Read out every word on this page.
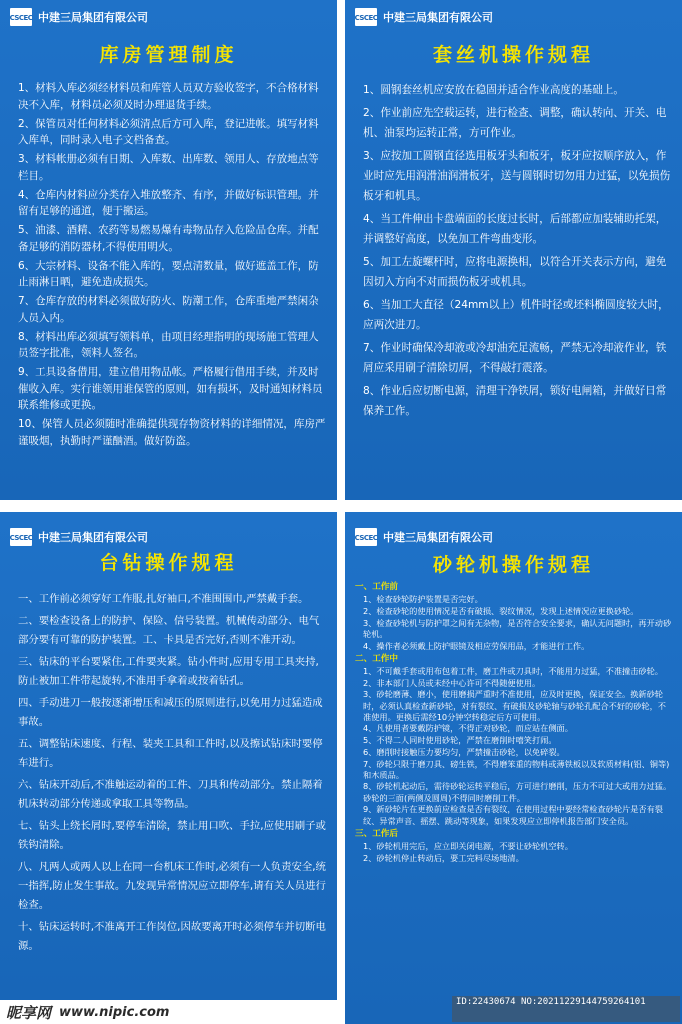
CSCEC 中建三局集团有限公司
库房管理制度
1、材料入库必须经材料员和库管人员双方验收签字，不合格材料决不入库，材料员必须及时办理退货手续。
2、保管员对任何材料必须清点后方可入库，登记进帐。填写材料入库单，同时录入电子文档备查。
3、材料帐册必须有日期、入库数、出库数、领用人、存放地点等栏目。
4、仓库内材料应分类存入堆放整齐、有序，并做好标识管理。并留有足够的通道，便于搬运。
5、油漆、酒精、农药等易燃易爆有毒物品存入危险品仓库。并配备足够的消防器材,不得使用明火。
6、大宗材料、设备不能入库的，要点清数量，做好遮盖工作，防止雨淋日晒，避免造成损失。
7、仓库存放的材料必须做好防火、防潮工作，仓库重地严禁闲杂人员入内。
8、材料出库必须填写领料单，由项目经理指明的现场施工管理人员签字批准，领料人签名。
9、工具设备借用，建立借用物品帐。严格履行借用手续，并及时催收入库。实行谁领用谁保管的原则，如有损坏，及时通知材料员联系维修或更换。
10、保管人员必须随时准确提供现存物资材料的详细情况，库房严谨吸烟，执勤时严谨酗酒。做好防盗。
CSCEC 中建三局集团有限公司
套丝机操作规程
1、圆钢套丝机应安放在稳固并适合作业高度的基础上。
2、作业前应先空载运转，进行检查、调整，确认转向、开关、电机、油泵均运转正常，方可作业。
3、应按加工圆钢直径选用板牙头和板牙，板牙应按顺序放入，作业时应先用润滑油润滑板牙，送与圆钢时切勿用力过猛，以免损伤板牙和机具。
4、当工件伸出卡盘端面的长度过长时，后部都应加装辅助托架，并调整好高度，以免加工件弯曲变形。
5、加工左旋螺杆时，应将电源换相，以符合开关表示方向，避免因切入方向不对而损伤板牙或机具。
6、当加工大直径（24mm以上）机件时径或坯料椭圆度较大时，应两次进刀。
7、作业时确保冷却液或冷却油充足流畅，严禁无冷却液作业，铁屑应采用刷子清除切屑，不得敲打震落。
8、作业后应切断电源，清理干净铁屑，锁好电闸箱，并做好日常保养工作。
CSCEC 中建三局集团有限公司
台钻操作规程
一、工作前必须穿好工作服,扎好袖口,不准围围巾,严禁戴手套。
二、要检查设备上的防护、保险、信号装置。机械传动部分、电气部分要有可靠的防护装置。工、卡具是否完好,否则不准开动。
三、钻床的平台要紧住,工件要夹紧。钻小件时,应用专用工具夹持,防止被加工件带起旋转,不准用手拿着或按着钻孔。
四、手动进刀一般按逐渐增压和减压的原则进行,以免用力过猛造成事故。
五、调整钻床速度、行程、装夹工具和工件时,以及擦试钻床时要停车进行。
六、钻床开动后,不准触运动着的工件、刀具和传动部分。禁止隔着机床转动部分传递或拿取工具等物品。
七、钻头上绕长屑时,要停车清除，禁止用口吹、手拉,应使用刷子或铁钩清除。
八、凡两人或两人以上在同一台机床工作时,必须有一人负责安全,统一指挥,防止发生事故。九发现异常情况应立即停车,请有关人员进行检查。
十、钻床运转时,不准离开工作岗位,因故要离开时必须停车并切断电源。
CSCEC 中建三局集团有限公司
砂轮机操作规程
一、工作前
1、检查砂轮防护装置是否完好。
2、检查砂轮的使用情况是否有破损、裂纹情况，发现上述情况应更换砂轮。
3、检查砂轮机与防护罩之间有无杂物，是否符合安全要求，确认无问题时，再开动砂轮机。
4、操作者必须戴上防护眼镜及相应劳保用品，才能进行工作。
二、工作中
1、不可戴手套或用布包着工件，磨工件或刀具时，不能用力过猛，不准撞击砂轮。
2、非本部门人员或未经中心许可不得随便使用。
3、砂轮磨薄、磨小，使用磨损严重时不准使用，应及时更换，保证安全。换新砂轮时，必须认真检查新砂轮，对有裂纹、有破损及砂轮轴与砂轮孔配合不好的砂轮，不准使用。更换后需经10分钟空转稳定后方可使用。
4、凡使用者要戴防护镜，不得正对砂轮，而应站在侧面。
5、不得二人同时使用砂轮，严禁在磨削时嘻笑打闹。
6、磨削时接触压力要均匀，严禁撞击砂轮，以免碎裂。
7、砂轮只限于磨刀具、磅生铁，不得磨笨重的物料或薄铁板以及软质材料(铝、铜等)和木质品。
8、砂轮机起动后，需待砂轮运转平稳后，方可进行磨削，压力不可过大或用力过猛。砂轮的三面(两侧及圆周)不得同时磨削工件。
9、新砂轮片在更换前应检查是否有裂纹，在使用过程中要经常检查砂轮片是否有裂纹、异常声音、摇摆、跳动等现象，如果发现应立即停机报告部门安全员。
三、工作后
1、砂轮机用完后，应立即关闭电源，不要让砂轮机空转。
2、砂轮机停止转动后，要工完料尽场地清。
昵享网 www.nipic.com
ID:22430674 NO:20211229144759264101
